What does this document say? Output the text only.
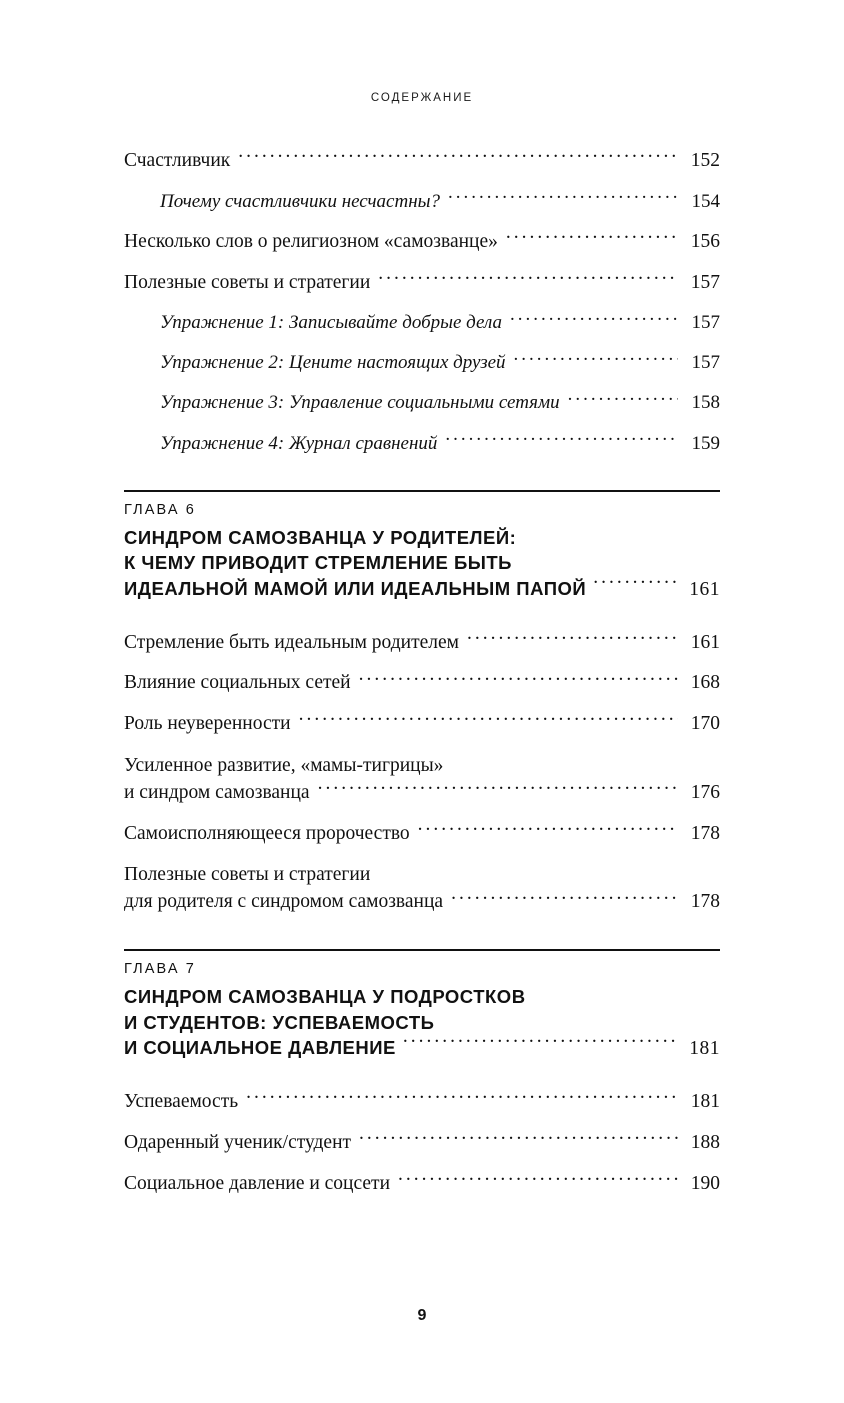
СОДЕРЖАНИЕ
Счастливчик .....	152
Почему счастливчики несчастны? .....	154
Несколько слов о религиозном «самозванце» .....	156
Полезные советы и стратегии .....	157
Упражнение 1: Записывайте добрые дела .....	157
Упражнение 2: Цените настоящих друзей .....	157
Упражнение 3: Управление социальными сетями .....	158
Упражнение 4: Журнал сравнений .....	159
ГЛАВА 6
СИНДРОМ САМОЗВАНЦА У РОДИТЕЛЕЙ:
К ЧЕМУ ПРИВОДИТ СТРЕМЛЕНИЕ БЫТЬ
ИДЕАЛЬНОЙ МАМОЙ ИЛИ ИДЕАЛЬНЫМ ПАПОЙ .....	161
Стремление быть идеальным родителем .....	161
Влияние социальных сетей .....	168
Роль неуверенности .....	170
Усиленное развитие, «мамы-тигрицы»
и синдром самозванца .....	176
Самоисполняющееся пророчество .....	178
Полезные советы и стратегии
для родителя с синдромом самозванца .....	178
ГЛАВА 7
СИНДРОМ САМОЗВАНЦА У ПОДРОСТКОВ
И СТУДЕНТОВ: УСПЕВАЕМОСТЬ
И СОЦИАЛЬНОЕ ДАВЛЕНИЕ .....	181
Успеваемость .....	181
Одаренный ученик/студент .....	188
Социальное давление и соцсети .....	190
9
